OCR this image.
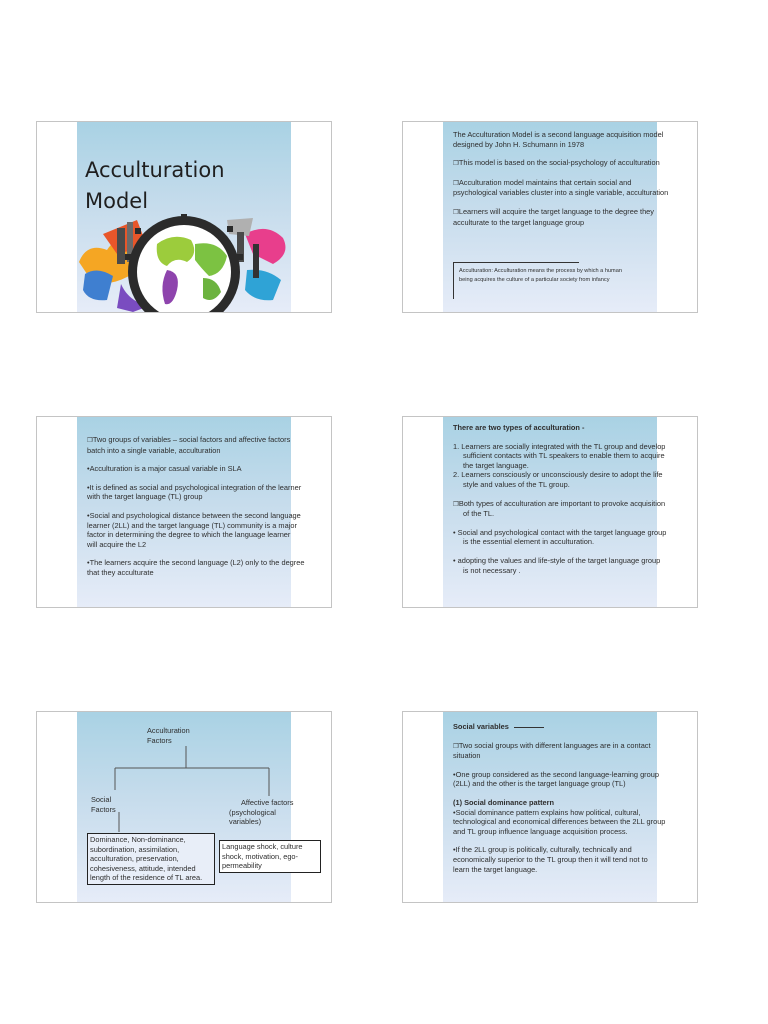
Acculturation
Model

The Acculturation Model is a second language acquisition model

designed by John H. Schumann in 1978

❐This model is based on the social-psychology of acculturation

❐Acculturation model maintains that certain social and

psychological variables cluster into a single variable, acculturation

❐Learners will acquire the target language to the degree they

acculturate to the target language group

Acculturation: Acculturation means the process by which a human

being acquires the culture of a particular society from infancy

❐Two groups of variables – social factors and affective factors

batch into a single variable, acculturation

•Acculturation is a major casual variable in SLA

•It is defined as social and psychological integration of the learner

with the target language (TL) group

•Social and psychological distance between the second language

learner (2LL) and the target language (TL) community is a major

factor in determining the degree to which the language learner

will acquire the L2

•The learners acquire the second language (L2) only to the degree

that they acculturate

There are two types of acculturation -

1. Learners are socially integrated with the TL group and develop

sufficient contacts with TL speakers to enable them to acquire

the target language.

2. Learners consciously or unconsciously desire to adopt the life

style and values of the TL group.

❐Both types of acculturation are important to provoke acquisition

of the TL.

• Social and psychological contact with the target language group

is the essential element in acculturation.

• adopting the values and life-style of the target language group

is not necessary .

Acculturation

Factors

Social

Factors

Affective factors

(psychological

variables)

Dominance, Non-dominance,

subordination, assimilation,

acculturation, preservation,

cohesiveness, attitude, intended

length of the residence of TL area.

Language shock, culture

shock, motivation, ego-

permeability

Social variables

❐Two social groups with different languages are in a contact

situation

•One group considered as the second language-learning group

(2LL) and the other is the target language group (TL)

(1) Social dominance pattern

•Social dominance pattern explains how political, cultural,

technological and economical differences between the 2LL group

and TL group influence language acquisition process.

•If the 2LL group is politically, culturally, technically and

economically superior to the TL group then it will tend not to

learn the target language.
